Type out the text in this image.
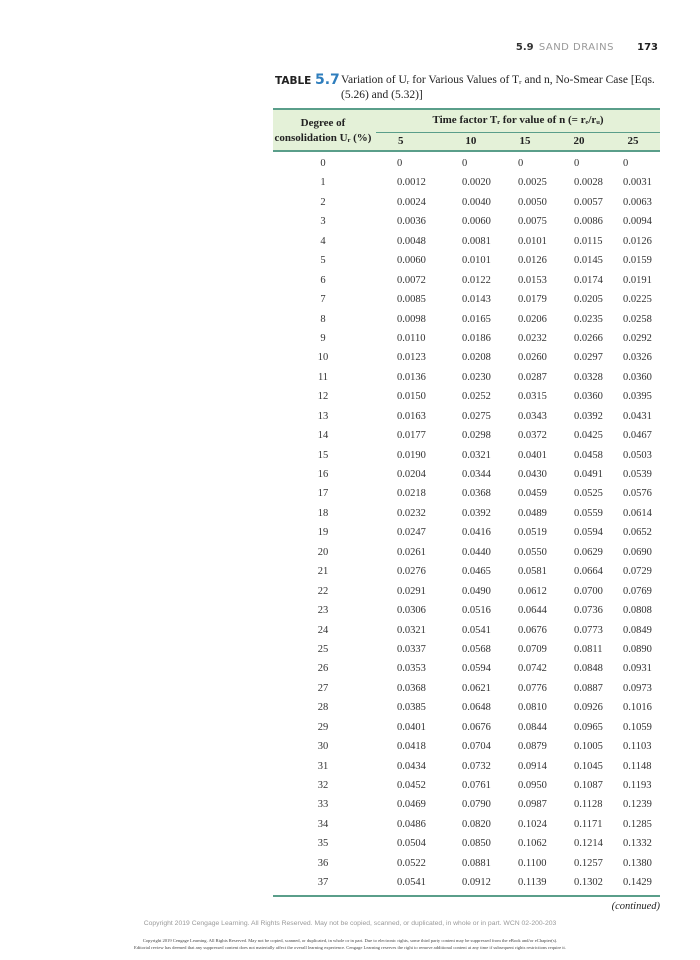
5.9 SAND DRAINS 173
TABLE 5.7 Variation of Uᵣ for Various Values of Tᵣ and n, No-Smear Case [Eqs. (5.26) and (5.32)]
Degree of
consolidation Uᵣ (%)
Time factor Tᵣ for value of n (= rₑ/rᵤ)
5	10	15	20	25
0	0	0	0	0	0
1	0.0012	0.0020	0.0025	0.0028	0.0031
2	0.0024	0.0040	0.0050	0.0057	0.0063
3	0.0036	0.0060	0.0075	0.0086	0.0094
4	0.0048	0.0081	0.0101	0.0115	0.0126
5	0.0060	0.0101	0.0126	0.0145	0.0159
6	0.0072	0.0122	0.0153	0.0174	0.0191
7	0.0085	0.0143	0.0179	0.0205	0.0225
8	0.0098	0.0165	0.0206	0.0235	0.0258
9	0.0110	0.0186	0.0232	0.0266	0.0292
10	0.0123	0.0208	0.0260	0.0297	0.0326
11	0.0136	0.0230	0.0287	0.0328	0.0360
12	0.0150	0.0252	0.0315	0.0360	0.0395
13	0.0163	0.0275	0.0343	0.0392	0.0431
14	0.0177	0.0298	0.0372	0.0425	0.0467
15	0.0190	0.0321	0.0401	0.0458	0.0503
16	0.0204	0.0344	0.0430	0.0491	0.0539
17	0.0218	0.0368	0.0459	0.0525	0.0576
18	0.0232	0.0392	0.0489	0.0559	0.0614
19	0.0247	0.0416	0.0519	0.0594	0.0652
20	0.0261	0.0440	0.0550	0.0629	0.0690
21	0.0276	0.0465	0.0581	0.0664	0.0729
22	0.0291	0.0490	0.0612	0.0700	0.0769
23	0.0306	0.0516	0.0644	0.0736	0.0808
24	0.0321	0.0541	0.0676	0.0773	0.0849
25	0.0337	0.0568	0.0709	0.0811	0.0890
26	0.0353	0.0594	0.0742	0.0848	0.0931
27	0.0368	0.0621	0.0776	0.0887	0.0973
28	0.0385	0.0648	0.0810	0.0926	0.1016
29	0.0401	0.0676	0.0844	0.0965	0.1059
30	0.0418	0.0704	0.0879	0.1005	0.1103
31	0.0434	0.0732	0.0914	0.1045	0.1148
32	0.0452	0.0761	0.0950	0.1087	0.1193
33	0.0469	0.0790	0.0987	0.1128	0.1239
34	0.0486	0.0820	0.1024	0.1171	0.1285
35	0.0504	0.0850	0.1062	0.1214	0.1332
36	0.0522	0.0881	0.1100	0.1257	0.1380
37	0.0541	0.0912	0.1139	0.1302	0.1429
(continued)
Copyright 2019 Cengage Learning. All Rights Reserved. May not be copied, scanned, or duplicated, in whole or in part. WCN 02-200-203
Copyright 2019 Cengage Learning. All Rights Reserved. May not be copied, scanned, or duplicated, in whole or in part. Due to electronic rights, some third party content may be suppressed from the eBook and/or eChapter(s).
Editorial review has deemed that any suppressed content does not materially affect the overall learning experience. Cengage Learning reserves the right to remove additional content at any time if subsequent rights restrictions require it.
